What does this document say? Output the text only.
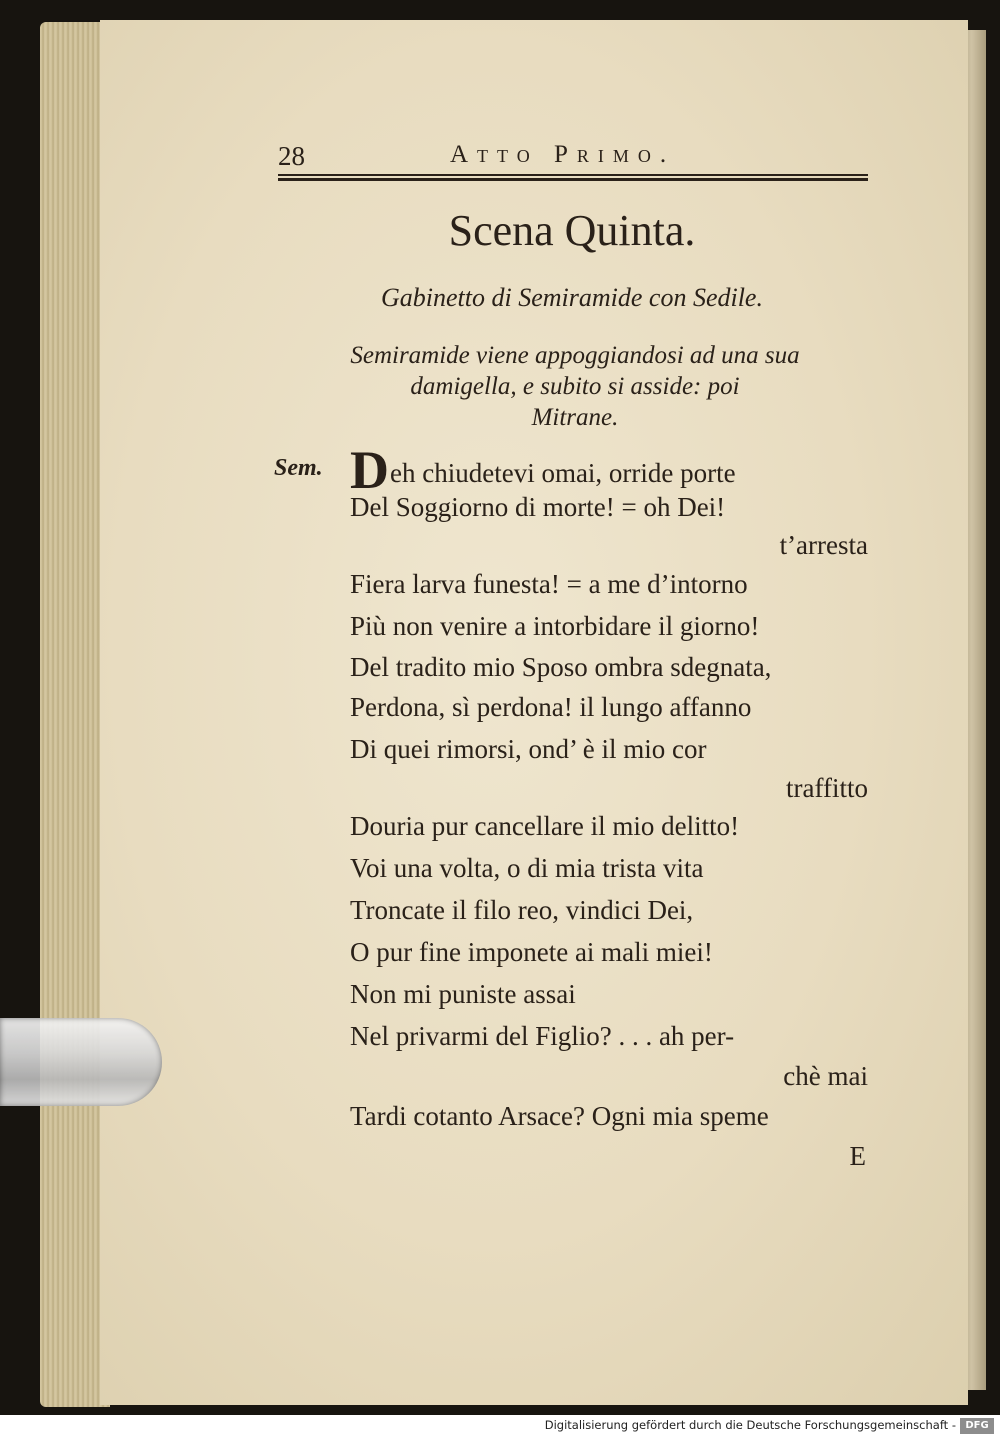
28	Atto Primo.
Scena Quinta.
Gabinetto di Semiramide con Sedile.
Semiramide viene appoggiandosi ad una sua
damigella, e subito si asside: poi
Mitrane.
Sem. Deh chiudetevi omai, orride porte
Del Soggiorno di morte! = oh Dei!
t’arresta
Fiera larva funesta! = a me d’intorno
Più non venire a intorbidare il giorno!
Del tradito mio Sposo ombra sdegnata,
Perdona, sì perdona! il lungo affanno
Di quei rimorsi, ond’ è il mio cor
traffitto
Douria pur cancellare il mio delitto!
Voi una volta, o di mia trista vita
Troncate il filo reo, vindici Dei,
O pur fine imponete ai mali miei!
Non mi puniste assai
Nel privarmi del Figlio? . . . ah per-
chè mai
Tardi cotanto Arsace? Ogni mia speme
E
Digitalisierung gefördert durch die Deutsche Forschungsgemeinschaft - DFG
